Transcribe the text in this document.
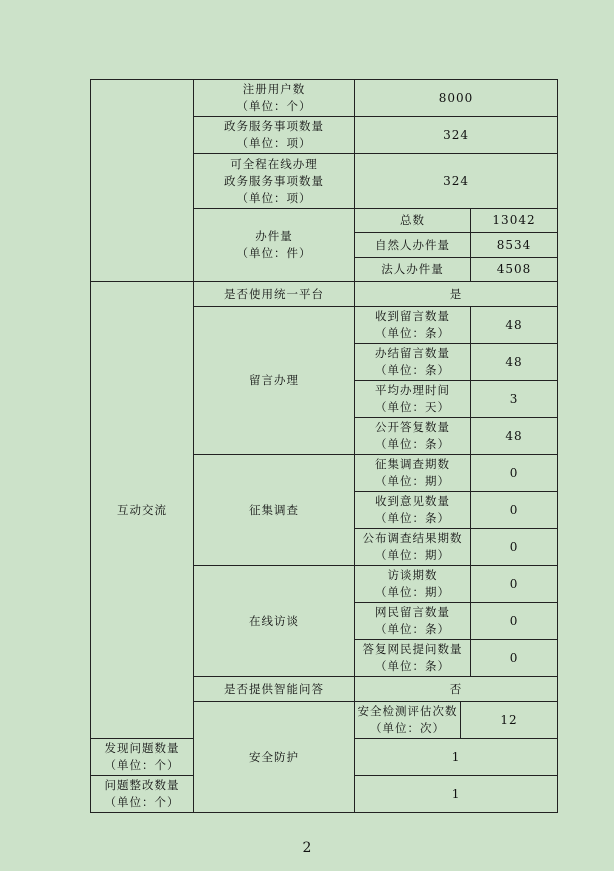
	注册用户数
（单位：个）	8000		

	政务服务事项数量
（单位：项）	324		

	可全程在线办理
政务服务事项数量
（单位：项）	324		

	办件量
（单位：件）	总数		13042
		自然人办件量		8534
		法人办件量		4508
互动交流	是否使用统一平台	是		
	留言办理	收到留言数量
（单位：条）		48

		办结留言数量
（单位：条）		48

		平均办理时间
（单位：天）		3

		公开答复数量
（单位：条）		48
	征集调查	征集调查期数
（单位：期）		0

		收到意见数量
（单位：条）		0

		公布调查结果期数
（单位：期）		0
	在线访谈	访谈期数
（单位：期）		0

		网民留言数量
（单位：条）		0

		答复网民提问数量
（单位：条）		0
	是否提供智能问答	否		
	安全防护	安全检测评估次数
（单位：次）	12	

发现问题数量
（单位：个）		1		

问题整改数量
（单位：个）		1		
2
